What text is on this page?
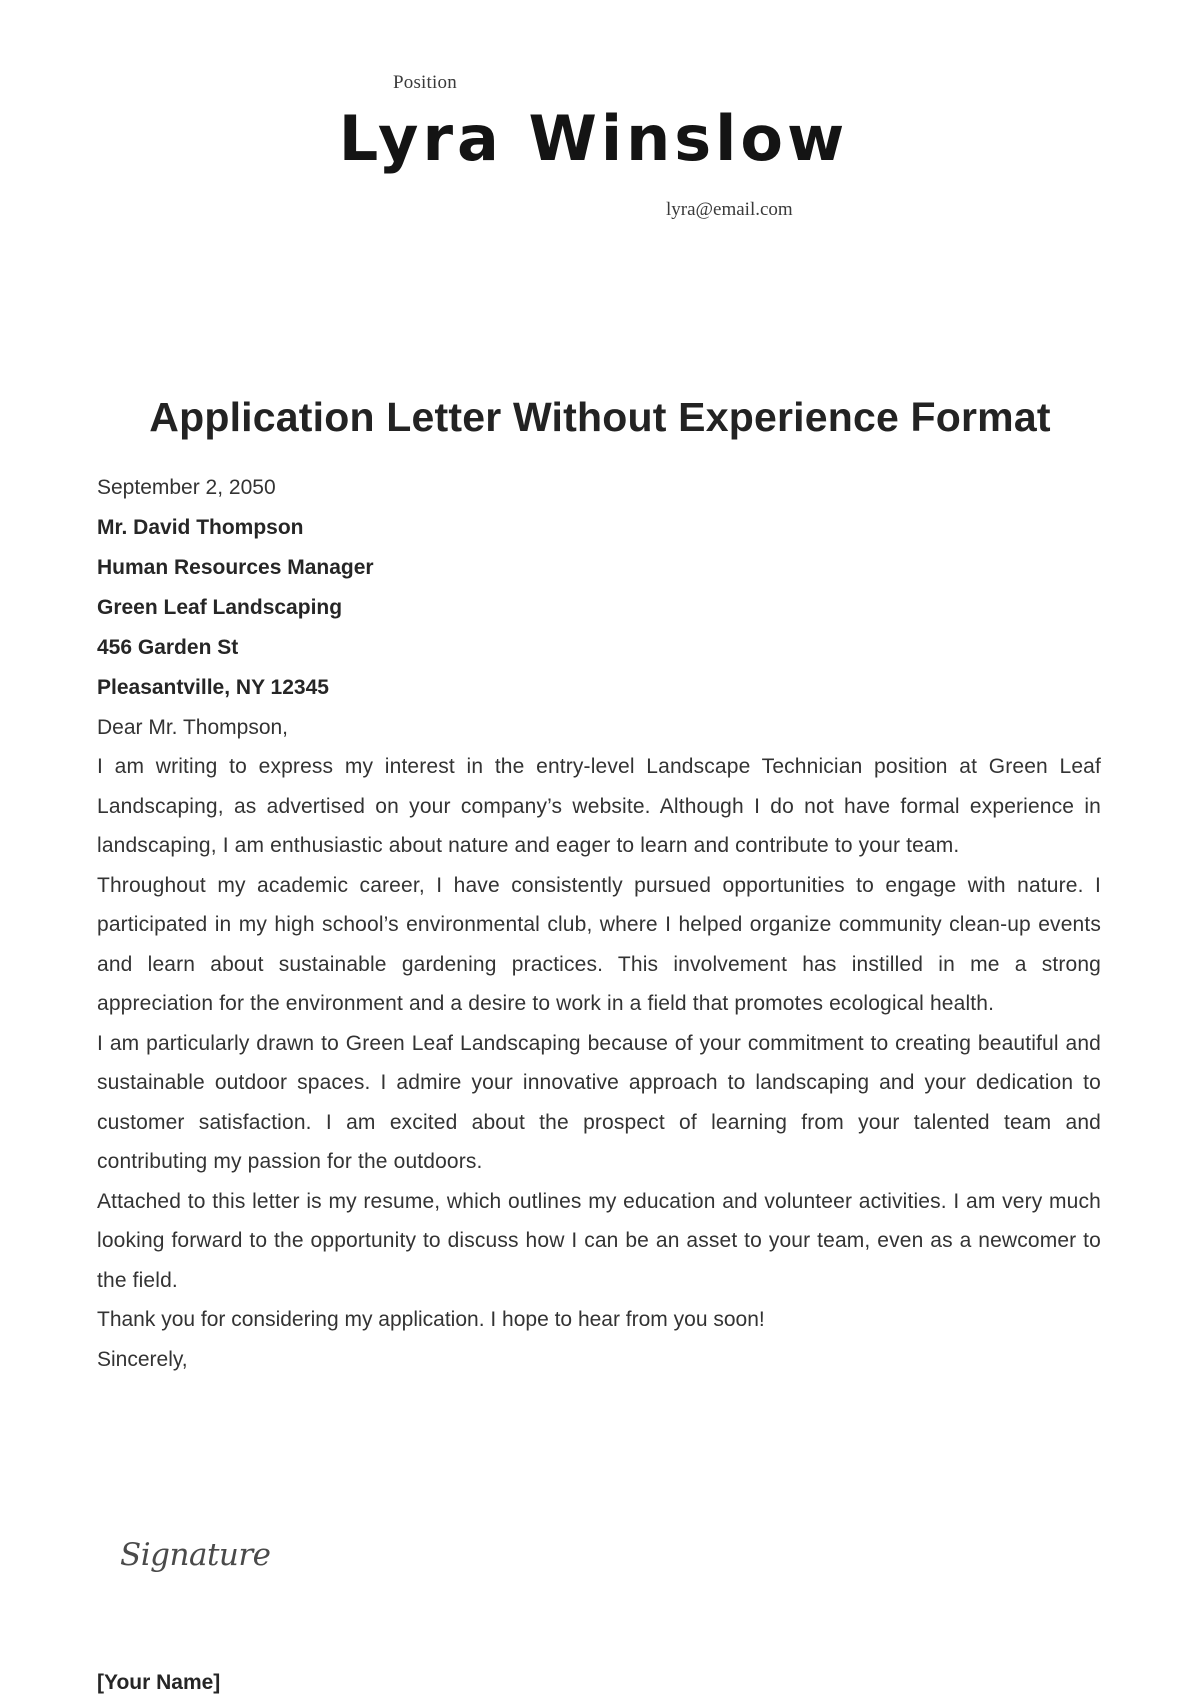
Position
Lyra Winslow
lyra@email.com
Application Letter Without Experience Format

September 2, 2050

Mr. David Thompson

Human Resources Manager

Green Leaf Landscaping

456 Garden St

Pleasantville, NY 12345

Dear Mr. Thompson,

I am writing to express my interest in the entry-level Landscape Technician position at Green Leaf Landscaping, as advertised on your company’s website. Although I do not have formal experience in landscaping, I am enthusiastic about nature and eager to learn and contribute to your team.

Throughout my academic career, I have consistently pursued opportunities to engage with nature. I participated in my high school’s environmental club, where I helped organize community clean-up events and learn about sustainable gardening practices. This involvement has instilled in me a strong appreciation for the environment and a desire to work in a field that promotes ecological health.

I am particularly drawn to Green Leaf Landscaping because of your commitment to creating beautiful and sustainable outdoor spaces. I admire your innovative approach to landscaping and your dedication to customer satisfaction. I am excited about the prospect of learning from your talented team and contributing my passion for the outdoors.

Attached to this letter is my resume, which outlines my education and volunteer activities. I am very much looking forward to the opportunity to discuss how I can be an asset to your team, even as a newcomer to the field.

Thank you for considering my application. I hope to hear from you soon!

Sincerely,

Signature
[Your Name]
